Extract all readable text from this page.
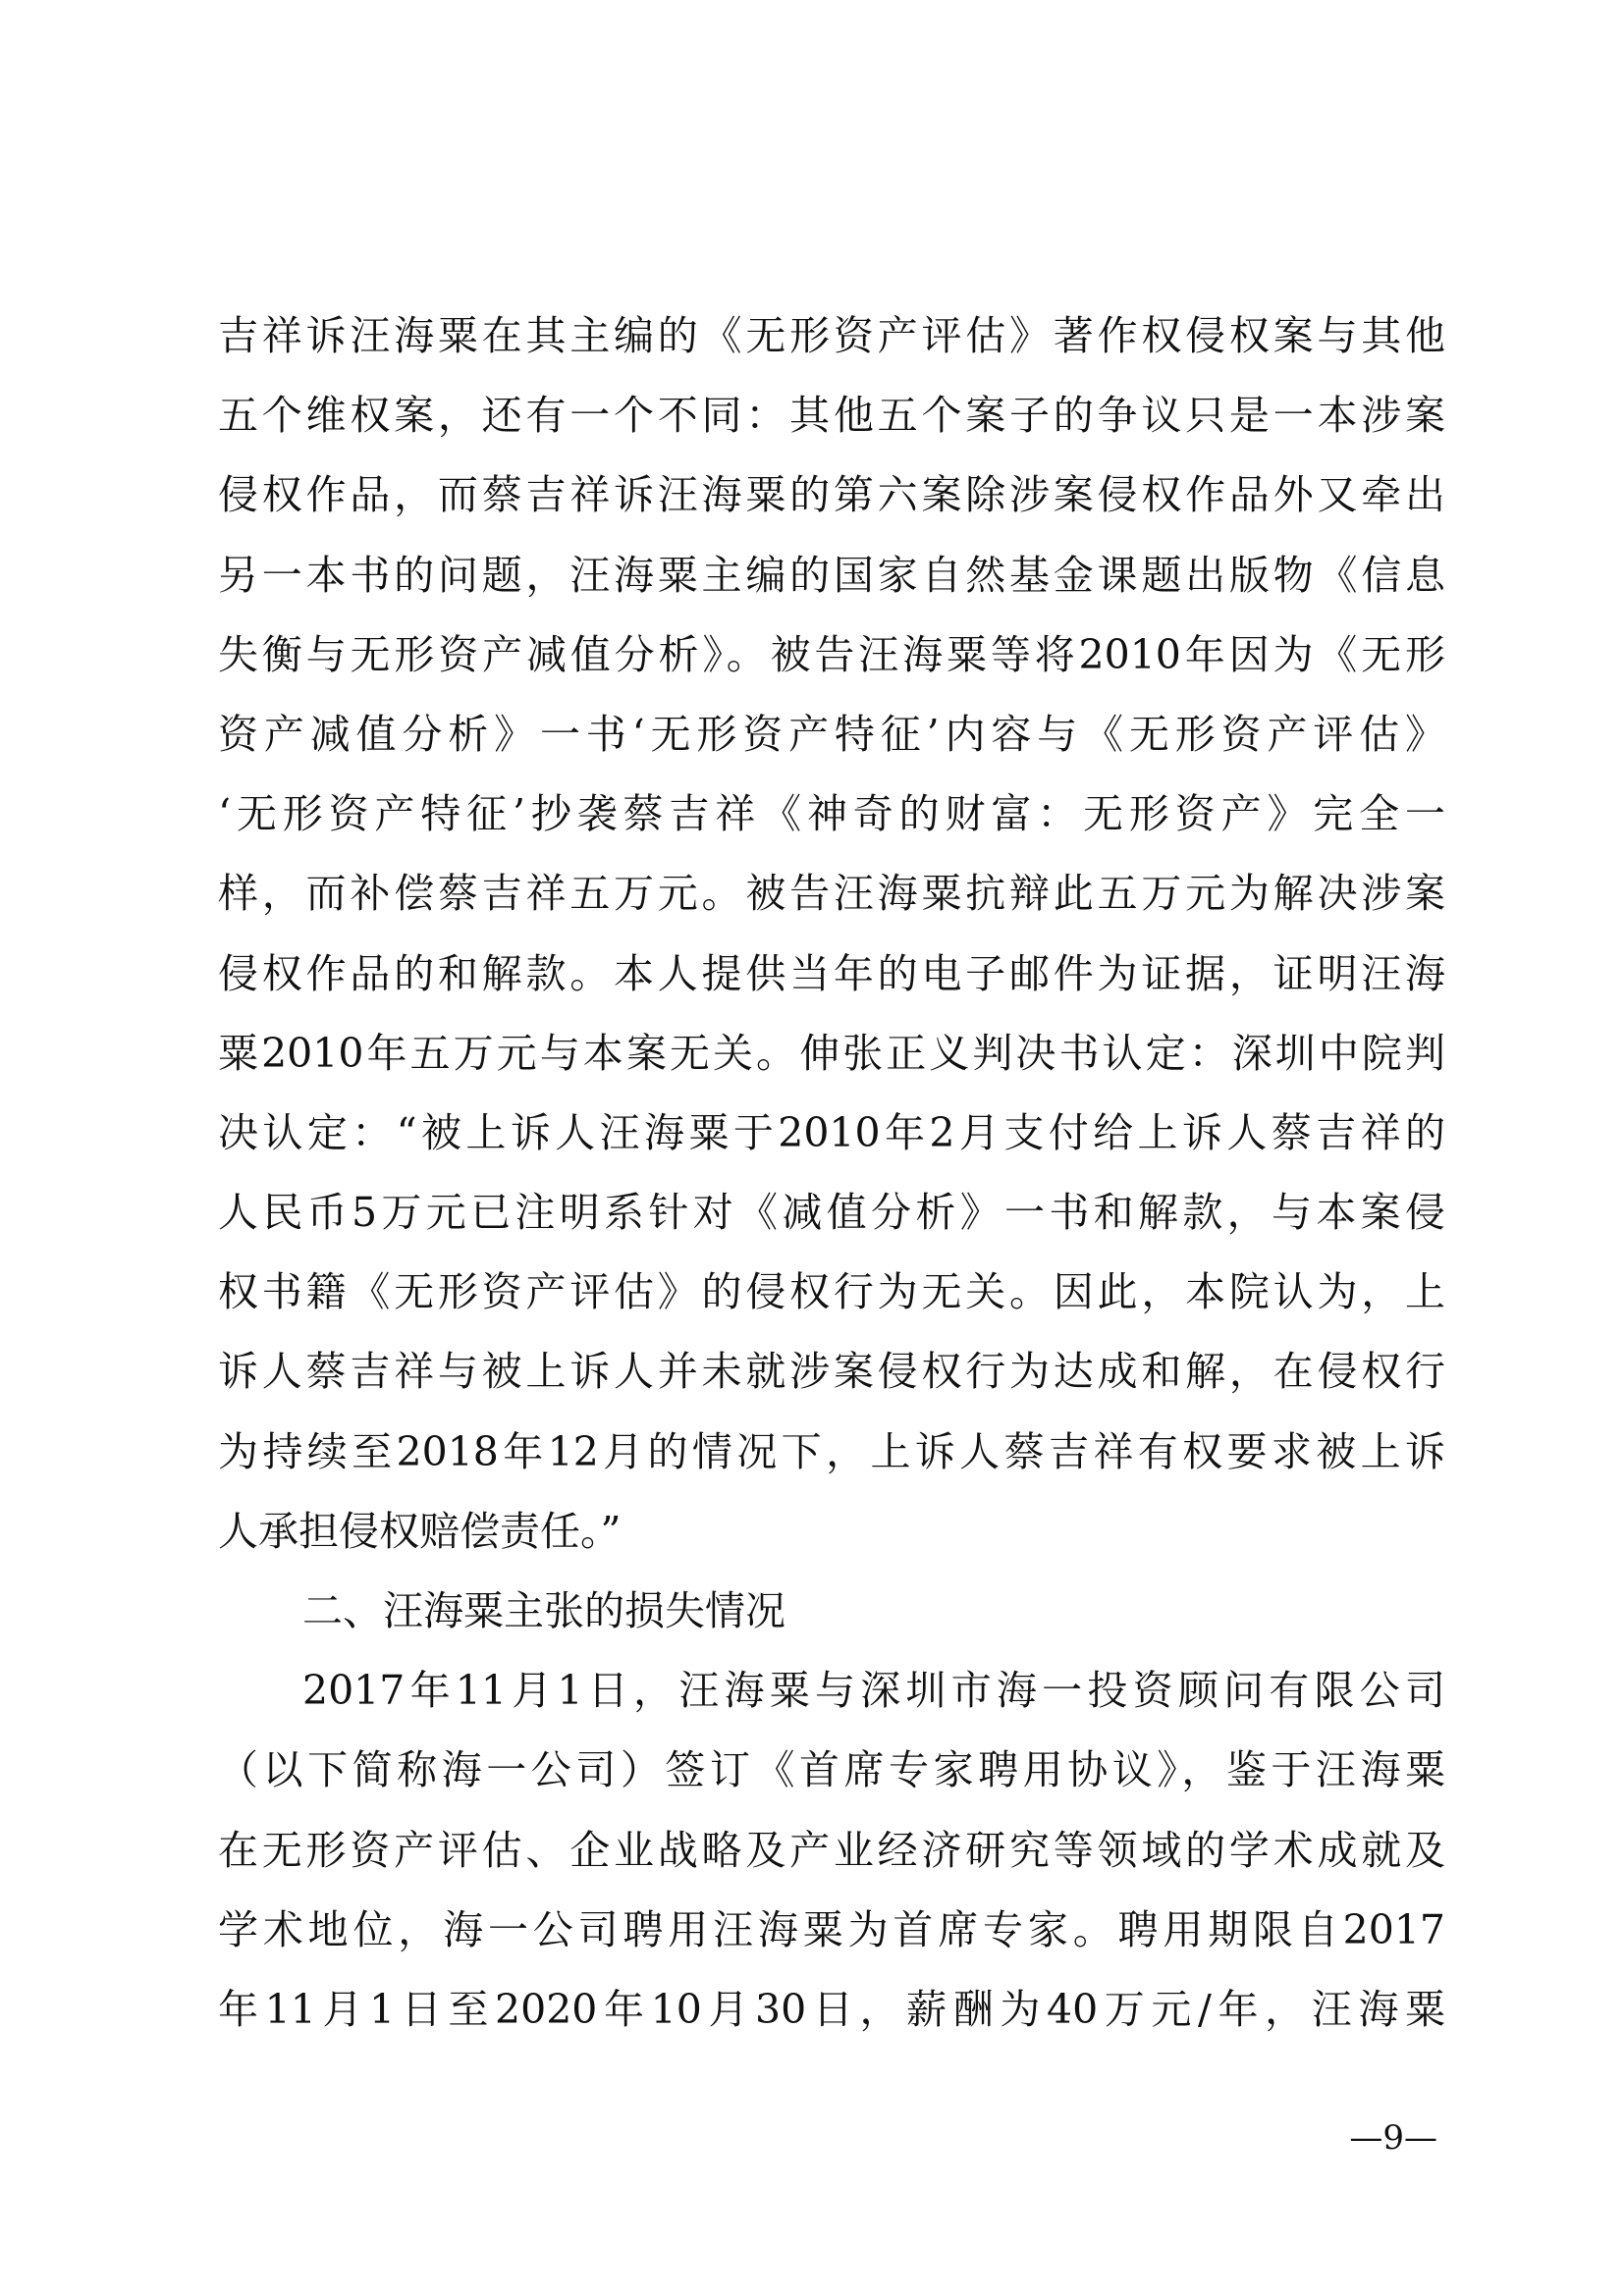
吉祥诉汪海粟在其主编的《无形资产评估》著作权侵权案与其他
五个维权案，还有一个不同：其他五个案子的争议只是一本涉案
侵权作品，而蔡吉祥诉汪海粟的第六案除涉案侵权作品外又牵出
另一本书的问题，汪海粟主编的国家自然基金课题出版物《信息
失衡与无形资产减值分析》。被告汪海粟等将2010年因为《无形
资产减值分析》一书‘无形资产特征’内容与《无形资产评估》
‘无形资产特征’抄袭蔡吉祥《神奇的财富：无形资产》完全一
样，而补偿蔡吉祥五万元。被告汪海粟抗辩此五万元为解决涉案
侵权作品的和解款。本人提供当年的电子邮件为证据，证明汪海
粟2010年五万元与本案无关。伸张正义判决书认定：深圳中院判
决认定：“被上诉人汪海粟于2010年2月支付给上诉人蔡吉祥的
人民币5万元已注明系针对《减值分析》一书和解款，与本案侵
权书籍《无形资产评估》的侵权行为无关。因此，本院认为，上
诉人蔡吉祥与被上诉人并未就涉案侵权行为达成和解，在侵权行
为持续至2018年12月的情况下，上诉人蔡吉祥有权要求被上诉
人承担侵权赔偿责任。”
二、汪海粟主张的损失情况
2017年11月1日，汪海粟与深圳市海一投资顾问有限公司
（以下简称海一公司）签订《首席专家聘用协议》，鉴于汪海粟
在无形资产评估、企业战略及产业经济研究等领域的学术成就及
学术地位，海一公司聘用汪海粟为首席专家。聘用期限自2017
年11月1日至2020年10月30日，薪酬为40万元/年，汪海粟
—9—
